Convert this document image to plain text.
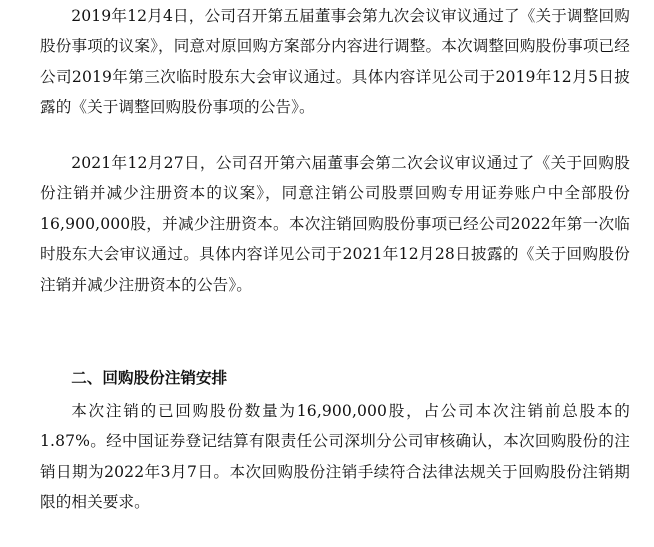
2019年12月4日，公司召开第五届董事会第九次会议审议通过了《关于调整回购股份事项的议案》，同意对原回购方案部分内容进行调整。本次调整回购股份事项已经公司2019年第三次临时股东大会审议通过。具体内容详见公司于2019年12月5日披露的《关于调整回购股份事项的公告》。

2021年12月27日，公司召开第六届董事会第二次会议审议通过了《关于回购股份注销并减少注册资本的议案》，同意注销公司股票回购专用证券账户中全部股份16,900,000股，并减少注册资本。本次注销回购股份事项已经公司2022年第一次临时股东大会审议通过。具体内容详见公司于2021年12月28日披露的《关于回购股份注销并减少注册资本的公告》。

二、回购股份注销安排

本次注销的已回购股份数量为16,900,000股，占公司本次注销前总股本的1.87%。经中国证券登记结算有限责任公司深圳分公司审核确认，本次回购股份的注销日期为2022年3月7日。本次回购股份注销手续符合法律法规关于回购股份注销期限的相关要求。
